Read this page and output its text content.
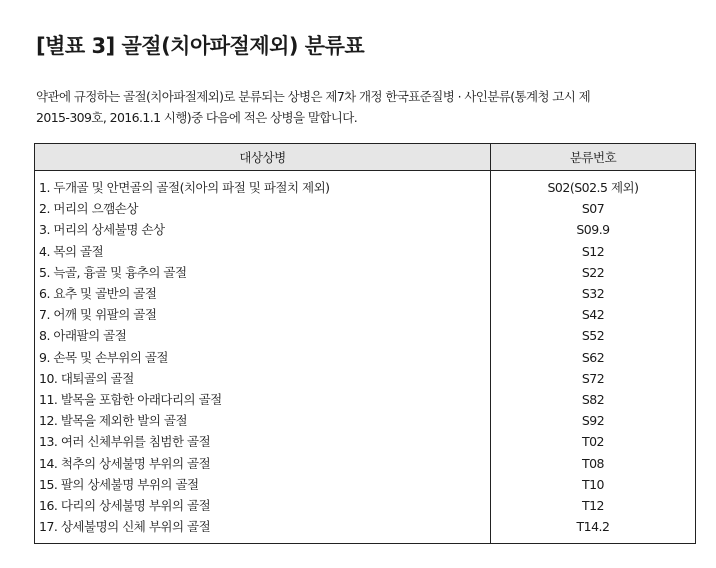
[별표 3] 골절(치아파절제외) 분류표
약관에 규정하는 골절(치아파절제외)로 분류되는 상병은 제7차 개정 한국표준질병 · 사인분류(통계청 고시 제
2015-309호, 2016.1.1 시행)중 다음에 적은 상병을 말합니다.
대상상병	분류번호
1. 두개골 및 안면골의 골절(치아의 파절 및 파절치 제외)	S02(S02.5 제외)
2. 머리의 으깸손상	S07
3. 머리의 상세불명 손상	S09.9
4. 목의 골절	S12
5. 늑골, 흉골 및 흉추의 골절	S22
6. 요추 및 골반의 골절	S32
7. 어깨 및 위팔의 골절	S42
8. 아래팔의 골절	S52
9. 손목 및 손부위의 골절	S62
10. 대퇴골의 골절	S72
11. 발목을 포함한 아래다리의 골절	S82
12. 발목을 제외한 발의 골절	S92
13. 여러 신체부위를 침범한 골절	T02
14. 척추의 상세불명 부위의 골절	T08
15. 팔의 상세불명 부위의 골절	T10
16. 다리의 상세불명 부위의 골절	T12
17. 상세불명의 신체 부위의 골절	T14.2
